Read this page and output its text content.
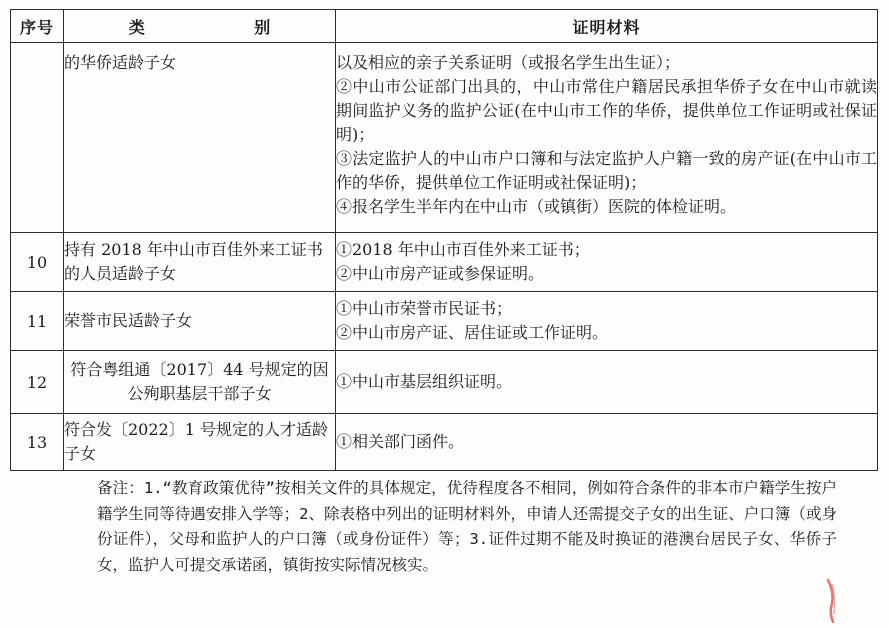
序号	类 别	证明材料
	的华侨适龄子女	以及相应的亲子关系证明（或报名学生出生证）；
②中山市公证部门出具的，中山市常住户籍居民承担华侨子女在中山市就读期间监护义务的监护公证(在中山市工作的华侨，提供单位工作证明或社保证明)；
③法定监护人的中山市户口簿和与法定监护人户籍一致的房产证(在中山市工作的华侨，提供单位工作证明或社保证明)；
④报名学生半年内在中山市（或镇街）医院的体检证明。

10	持有 2018 年中山市百佳外来工证书的人员适龄子女	①2018 年中山市百佳外来工证书；
②中山市房产证或参保证明。

11	荣誉市民适龄子女	①中山市荣誉市民证书；
②中山市房产证、居住证或工作证明。

12	符合粤组通〔2017〕44 号规定的因公殉职基层干部子女	①中山市基层组织证明。

13	符合发〔2022〕1 号规定的人才适龄子女	①相关部门函件。
备注：1.“教育政策优待”按相关文件的具体规定，优待程度各不相同，例如符合条件的非本市户籍学生按户籍学生同等待遇安排入学等；2、除表格中列出的证明材料外，申请人还需提交子女的出生证、户口簿（或身份证件），父母和监护人的户口簿（或身份证件）等；3.证件过期不能及时换证的港澳台居民子女、华侨子女，监护人可提交承诺函，镇街按实际情况核实。
